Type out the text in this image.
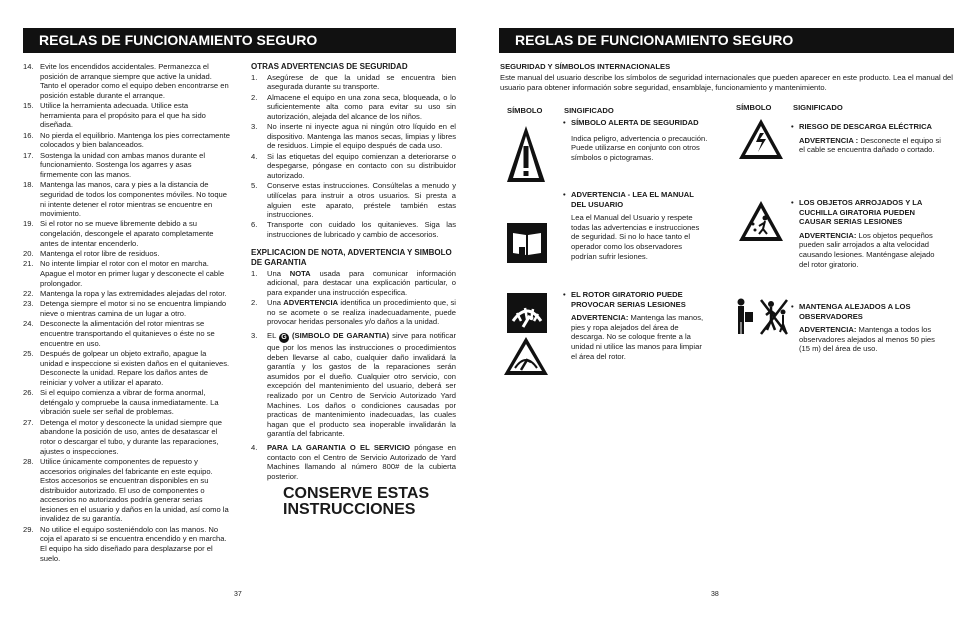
REGLAS DE FUNCIONAMIENTO SEGURO
14. Evite los encendidos accidentales. Permanezca el posición de arranque siempre que active la unidad. Tanto el operador como el equipo deben encontrarse en posición estable durante el arranque.
15. Utilice la herramienta adecuada. Utilice esta herramienta para el propósito para el que ha sido diseñada.
16. No pierda el equilibrio. Mantenga los pies correctamente colocados y bien balanceados.
17. Sostenga la unidad con ambas manos durante el funcionamiento. Sostenga los agarres y asas firmemente con las manos.
18. Mantenga las manos, cara y pies a la distancia de seguridad de todos los componentes móviles. No toque ni intente detener el rotor mientras se encuentre en movimiento.
19. Si el rotor no se mueve libremente debido a su congelación, descongele el aparato completamente antes de intentar encenderlo.
20. Mantenga el rotor libre de residuos.
21. No intente limpiar el rotor con el motor en marcha. Apague el motor en primer lugar y desconecte el cable prolongador.
22. Mantenga la ropa y las extremidades alejadas del rotor.
23. Detenga siempre el motor si no se encuentra limpiando nieve o mientras camina de un lugar a otro.
24. Desconecte la alimentación del rotor mientras se encuentre transportando el quitanieves o éste no se encuentre en uso.
25. Después de golpear un objeto extraño, apague la unidad e inspeccione si existen daños en el quitanieves. Desconecte la unidad. Repare los daños antes de reiniciar y volver a utilizar el aparato.
26. Si el equipo comienza a vibrar de forma anormal, deténgalo y compruebe la causa inmediatamente. La vibración suele ser señal de problemas.
27. Detenga el motor y desconecte la unidad siempre que abandone la posición de uso, antes de desatascar el rotor o descargar el tubo, y durante las reparaciones, ajustes o inspecciones.
28. Utilice únicamente componentes de repuesto y accesorios originales del fabricante en este equipo. Estos accesorios se encuentran disponibles en su distribuidor autorizado. El uso de componentes o accesorios no autorizados podría generar serias lesiones en el usuario y daños en la unidad, así como la invalidez de su garantía.
29. No utilice el equipo sosteniéndolo con las manos. No coja el aparato si se encuentra encendido y en marcha. El equipo ha sido diseñado para desplazarse por el suelo.
OTRAS ADVERTENCIAS DE SEGURIDAD
1.	Asegúrese de que la unidad se encuentra bien asegurada durante su transporte.
2.	Almacene el equipo en una zona seca, bloqueada, o lo suficientemente alta como para evitar su uso sin autorización, alejada del alcance de los niños.
3.	No inserte ni inyecte agua ni ningún otro líquido en el dispositivo. Mantenga las manos secas, limpias y libres de residuos. Limpie el equipo después de cada uso.
4.	Si las etiquetas del equipo comienzan a deteriorarse o despegarse, póngase en contacto con su distribuidor autorizado.
5.	Conserve estas instrucciones. Consúltelas a menudo y utilícelas para instruir a otros usuarios. Si presta a alguien este aparato, préstele también estas instrucciones.
6.	Transporte con cuidado los quitanieves. Siga las instrucciones de lubricado y cambio de accesorios.
EXPLICACION DE NOTA, ADVERTENCIA Y SIMBOLO DE GARANTIA
1.	Una NOTA usada para comunicar información adicional, para destacar una explicación particular, o para expander una instrucción especifica.
2.	Una ADVERTENCIA identifica un procedimiento que, si no se acomete o se realiza inadecuadamente, puede provocar heridas personales y/o daños a la unidad.
3.	EL G (SIMBOLO DE GARANTIA) sirve para notificar que por los menos las instrucciones o procedimientos deben llevarse al cabo, cualquier daño invalidará la garantía y los gastos de la reparaciones serán asumidos por el dueño. Cualquier otro servicio, con excepción del mantenimiento del usuario, deberá ser realizado por un Centro de Servicio Autorizado Yard Machines. Los daños o condiciones causadas por practicas de mantenimiento inadecuadas, las cuales hagan que el producto sea inoperable invalidarán la garantía del fabricante.
4.	PARA LA GARANTIA O EL SERVICIO póngase en contacto con el Centro de Servicio Autorizado de Yard Machines llamando al número 800# de la cubierta posterior.
CONSERVE ESTAS
INSTRUCCIONES
37
REGLAS DE FUNCIONAMIENTO SEGURO
SEGURIDAD Y SÍMBOLOS INTERNACIONALES
Este manual del usuario describe los símbolos de seguridad internacionales que pueden aparecer en este producto. Lea el manual del usuario para obtener información sobre seguridad, ensamblaje, funcionamiento y mantenimiento.
SÍMBOLO	SINGIFICADO	SÍMBOLO	SIGNIFICADO
• SÍMBOLO ALERTA DE SEGURIDAD
Indica peligro, advertencia o precaución. Puede utilizarse en conjunto con otros símbolos o pictogramas.
• ADVERTENCIA - LEA EL MANUAL DEL USUARIO
Lea el Manual del Usuario y respete todas las advertencias e instrucciones de seguridad. Si no lo hace tanto el operador como los observadores podrían sufrir lesiones.
• EL ROTOR GIRATORIO PUEDE PROVOCAR SERIAS LESIONES
ADVERTENCIA: Mantenga las manos, pies y ropa alejados del área de descarga. No se coloque frente a la unidad ni utilice las manos para limpiar el área del rotor.
• RIESGO DE DESCARGA ELÉCTRICA
ADVERTENCIA : Desconecte el equipo si el cable se encuentra dañado o cortado.
• LOS OBJETOS ARROJADOS Y LA CUCHILLA GIRATORIA PUEDEN CAUSAR SERIAS LESIONES
ADVERTENCIA: Los objetos pequeños pueden salir arrojados a alta velocidad causando lesiones. Manténgase alejado del rotor giratorio.
• MANTENGA ALEJADOS A LOS OBSERVADORES
ADVERTENCIA: Mantenga a todos los observadores alejados al menos 50 pies (15 m) del área de uso.
38
